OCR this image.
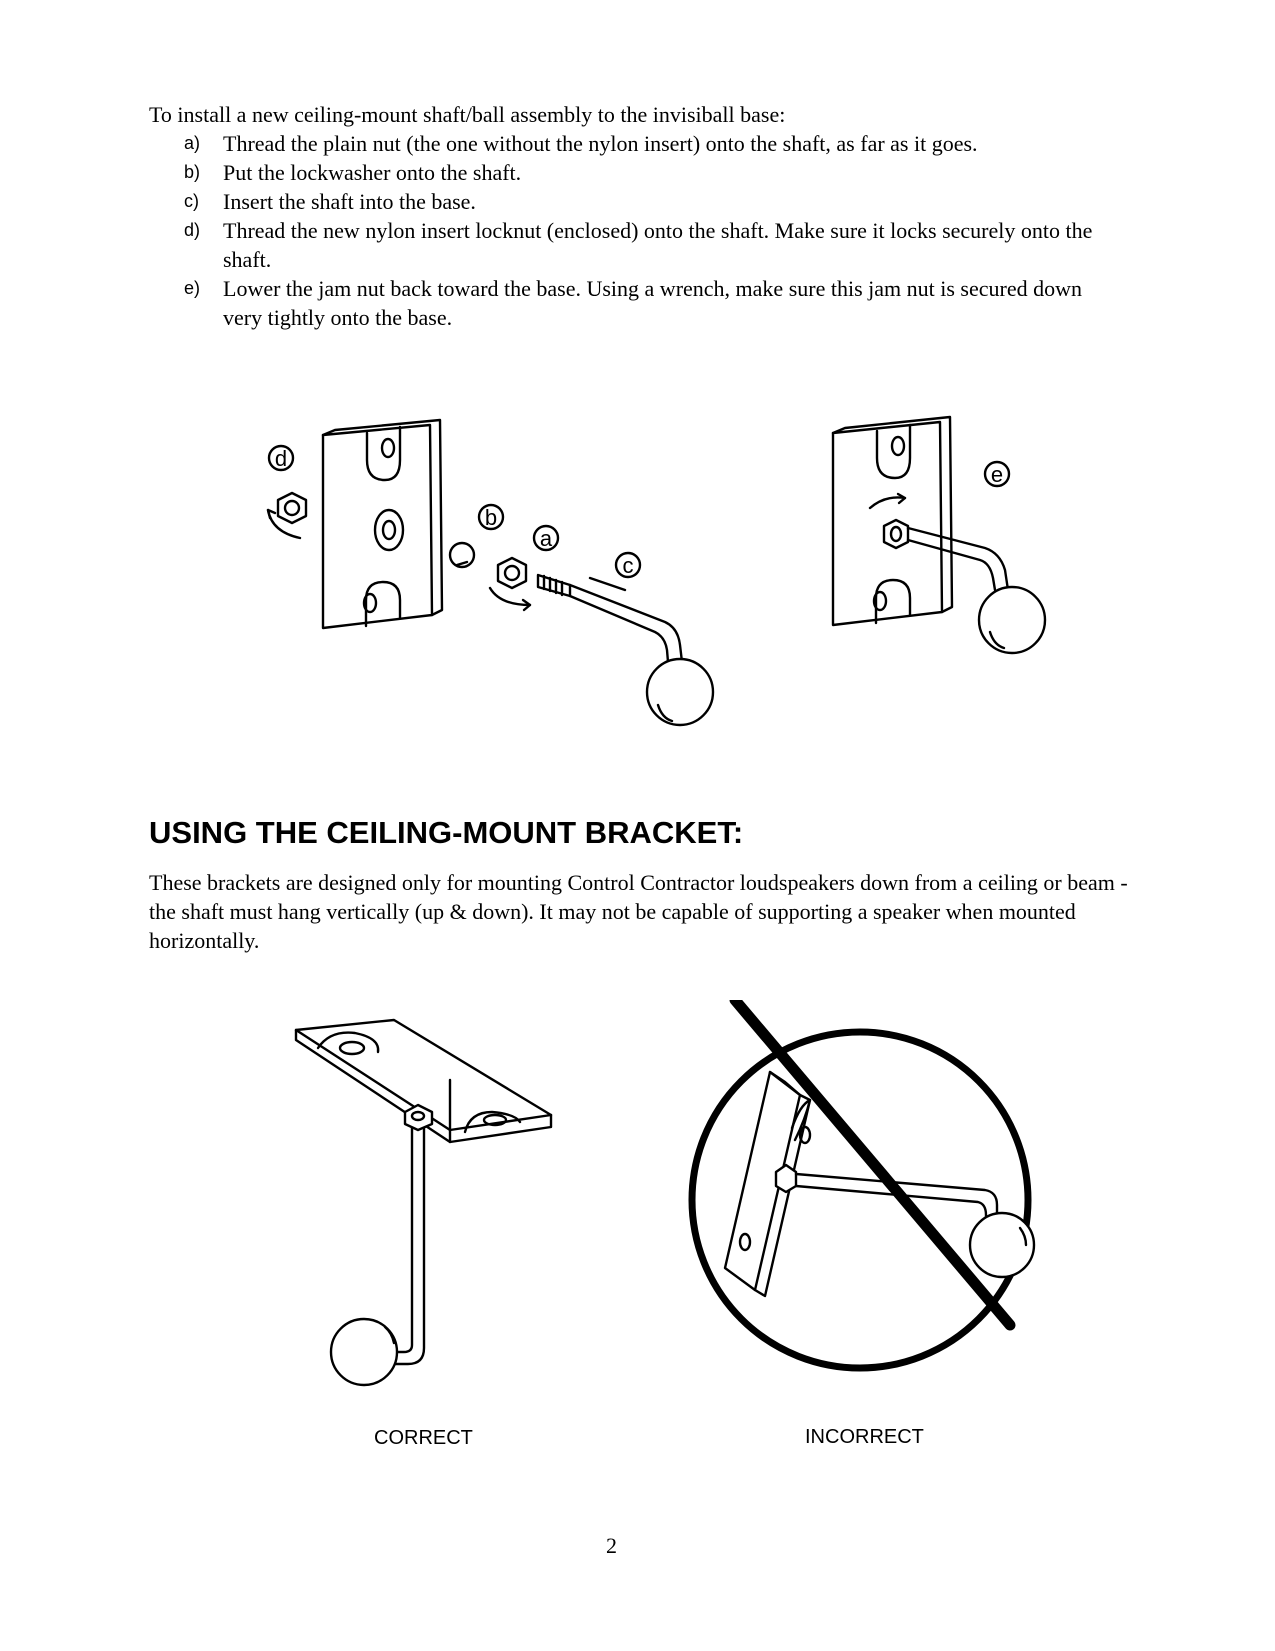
To install a new ceiling-mount shaft/ball assembly to the invisiball base:
a) Thread the plain nut (the one without the nylon insert) onto the shaft, as far as it goes.
b) Put the lockwasher onto the shaft.
c) Insert the shaft into the base.
d) Thread the new nylon insert locknut (enclosed) onto the shaft. Make sure it locks securely onto the shaft.
e) Lower the jam nut back toward the base. Using a wrench, make sure this jam nut is secured down very tightly onto the base.
d
b
a
c
e
USING THE CEILING-MOUNT BRACKET:

These brackets are designed only for mounting Control Contractor loudspeakers down from a ceiling or beam - the shaft must hang vertically (up & down). It may not be capable of supporting a speaker when mounted horizontally.

CORRECT	INCORRECT
2
